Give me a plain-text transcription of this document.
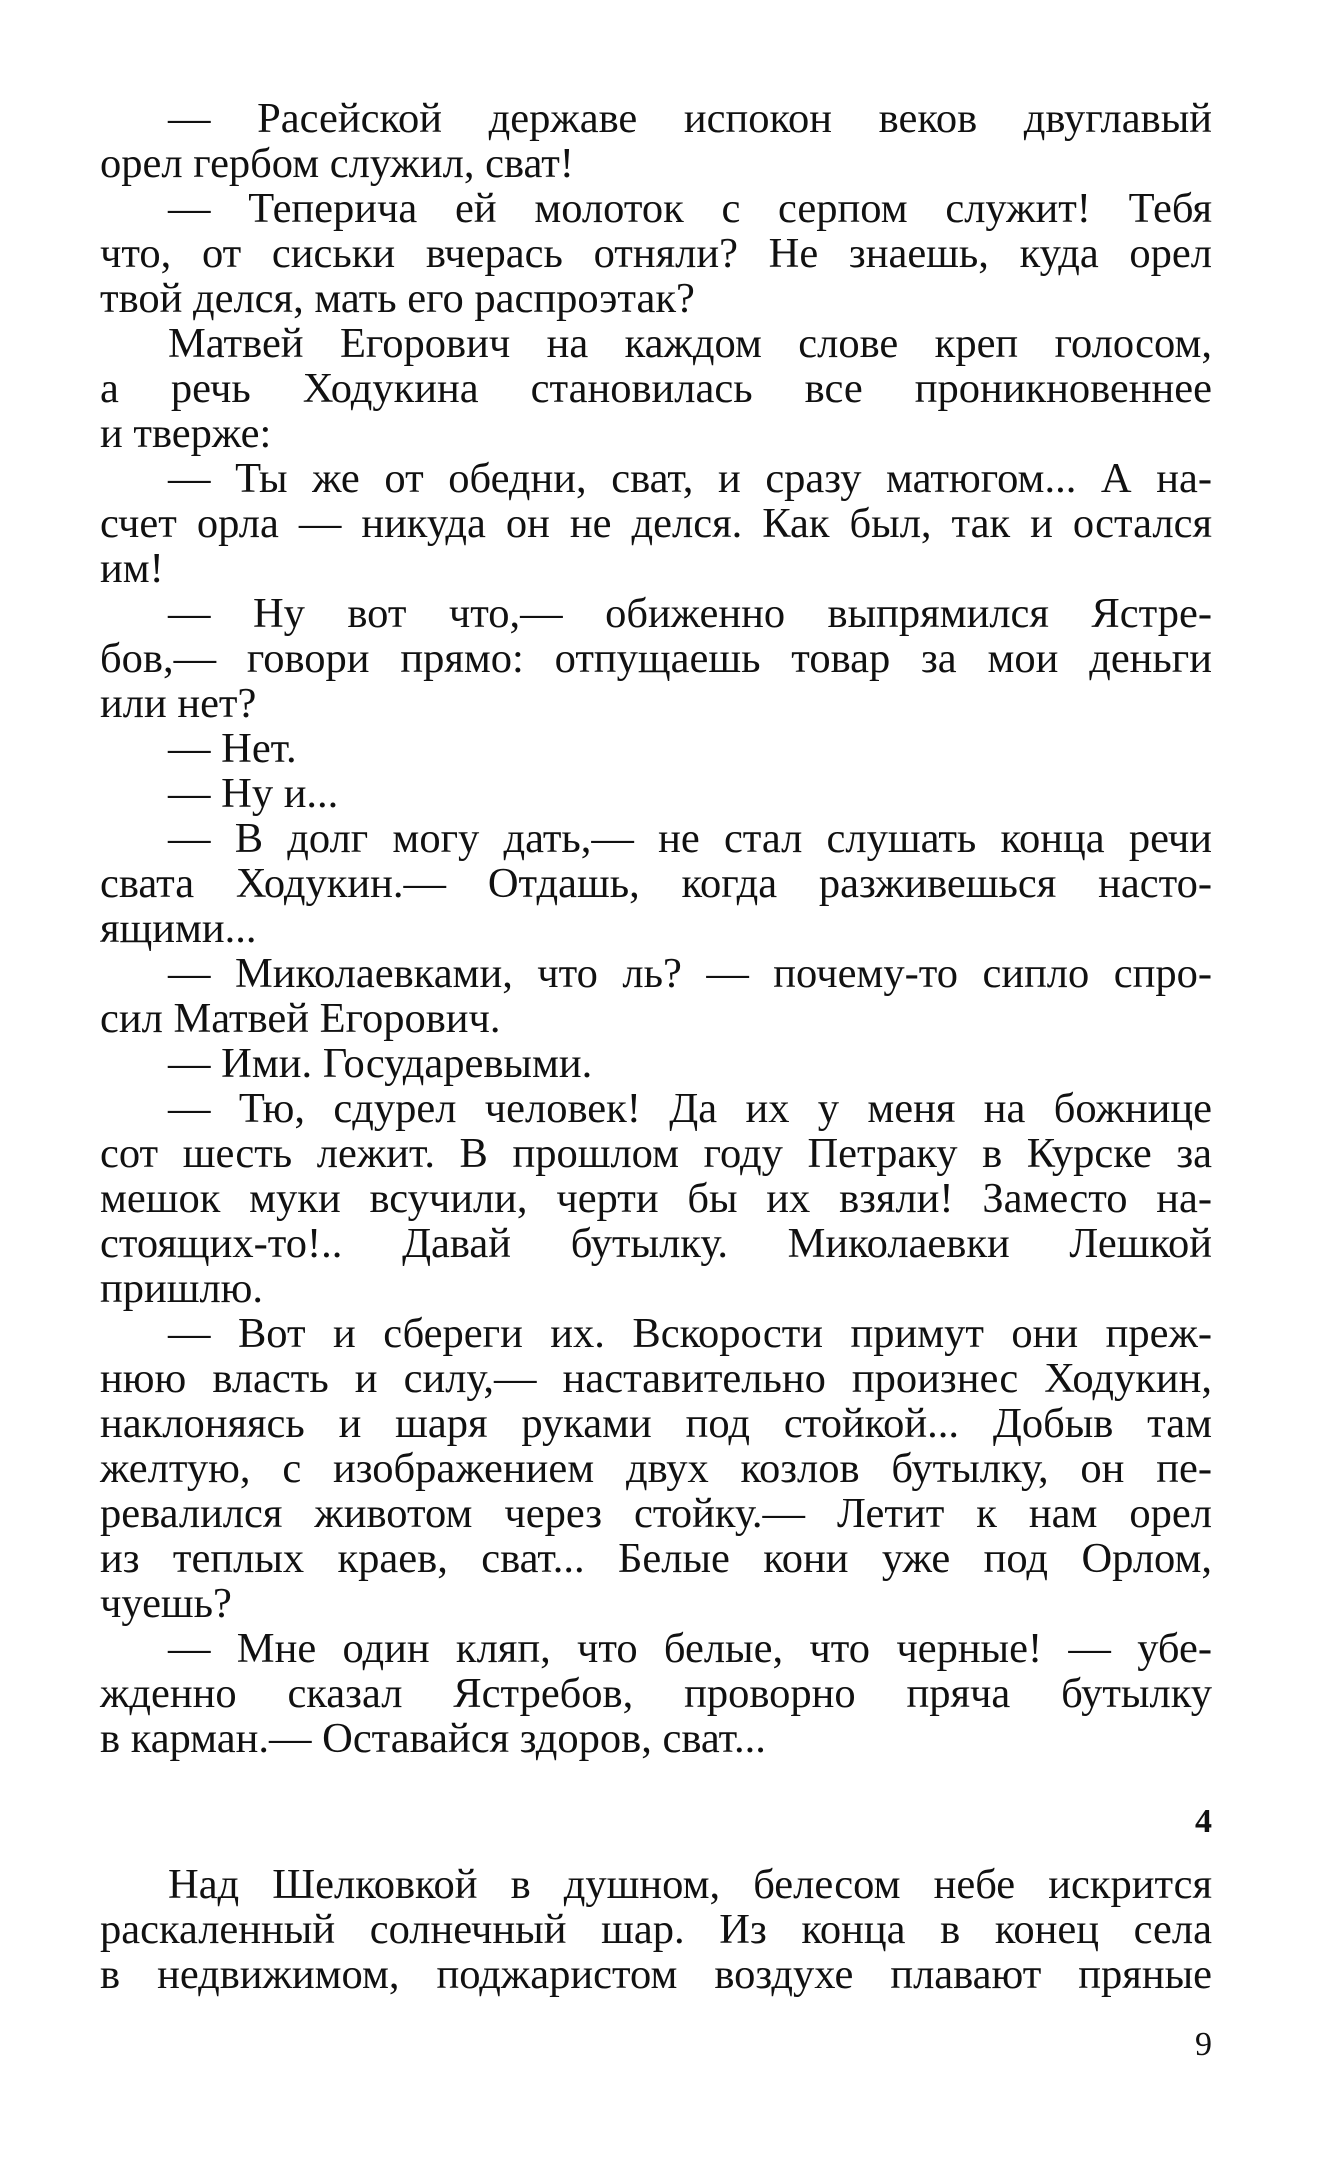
— Расейской державе испокон веков двуглавый
орел гербом служил, сват!
— Теперича ей молоток с серпом служит! Тебя
что, от сиськи вчерась отняли? Не знаешь, куда орел
твой делся, мать его распроэтак?
Матвей Егорович на каждом слове креп голосом,
а речь Ходукина становилась все проникновеннее
и тверже:
— Ты же от обедни, сват, и сразу матюгом... А на-
счет орла — никуда он не делся. Как был, так и остался
им!
— Ну вот что,— обиженно выпрямился Ястре-
бов,— говори прямо: отпущаешь товар за мои деньги
или нет?
— Нет.
— Ну и...
— В долг могу дать,— не стал слушать конца речи
свата Ходукин.— Отдашь, когда разживешься насто-
ящими...
— Миколаевками, что ль? — почему-то сипло спро-
сил Матвей Егорович.
— Ими. Государевыми.
— Тю, сдурел человек! Да их у меня на божнице
сот шесть лежит. В прошлом году Петраку в Курске за
мешок муки всучили, черти бы их взяли! Заместо на-
стоящих-то!.. Давай бутылку. Миколаевки Лешкой
пришлю.
— Вот и сбереги их. Вскорости примут они преж-
нюю власть и силу,— наставительно произнес Ходукин,
наклоняясь и шаря руками под стойкой... Добыв там
желтую, с изображением двух козлов бутылку, он пе-
ревалился животом через стойку.— Летит к нам орел
из теплых краев, сват... Белые кони уже под Орлом,
чуешь?
— Мне один кляп, что белые, что черные! — убе-
жденно сказал Ястребов, проворно пряча бутылку
в карман.— Оставайся здоров, сват...
4
Над Шелковкой в душном, белесом небе искрится
раскаленный солнечный шар. Из конца в конец села
в недвижимом, поджаристом воздухе плавают пряные
9
